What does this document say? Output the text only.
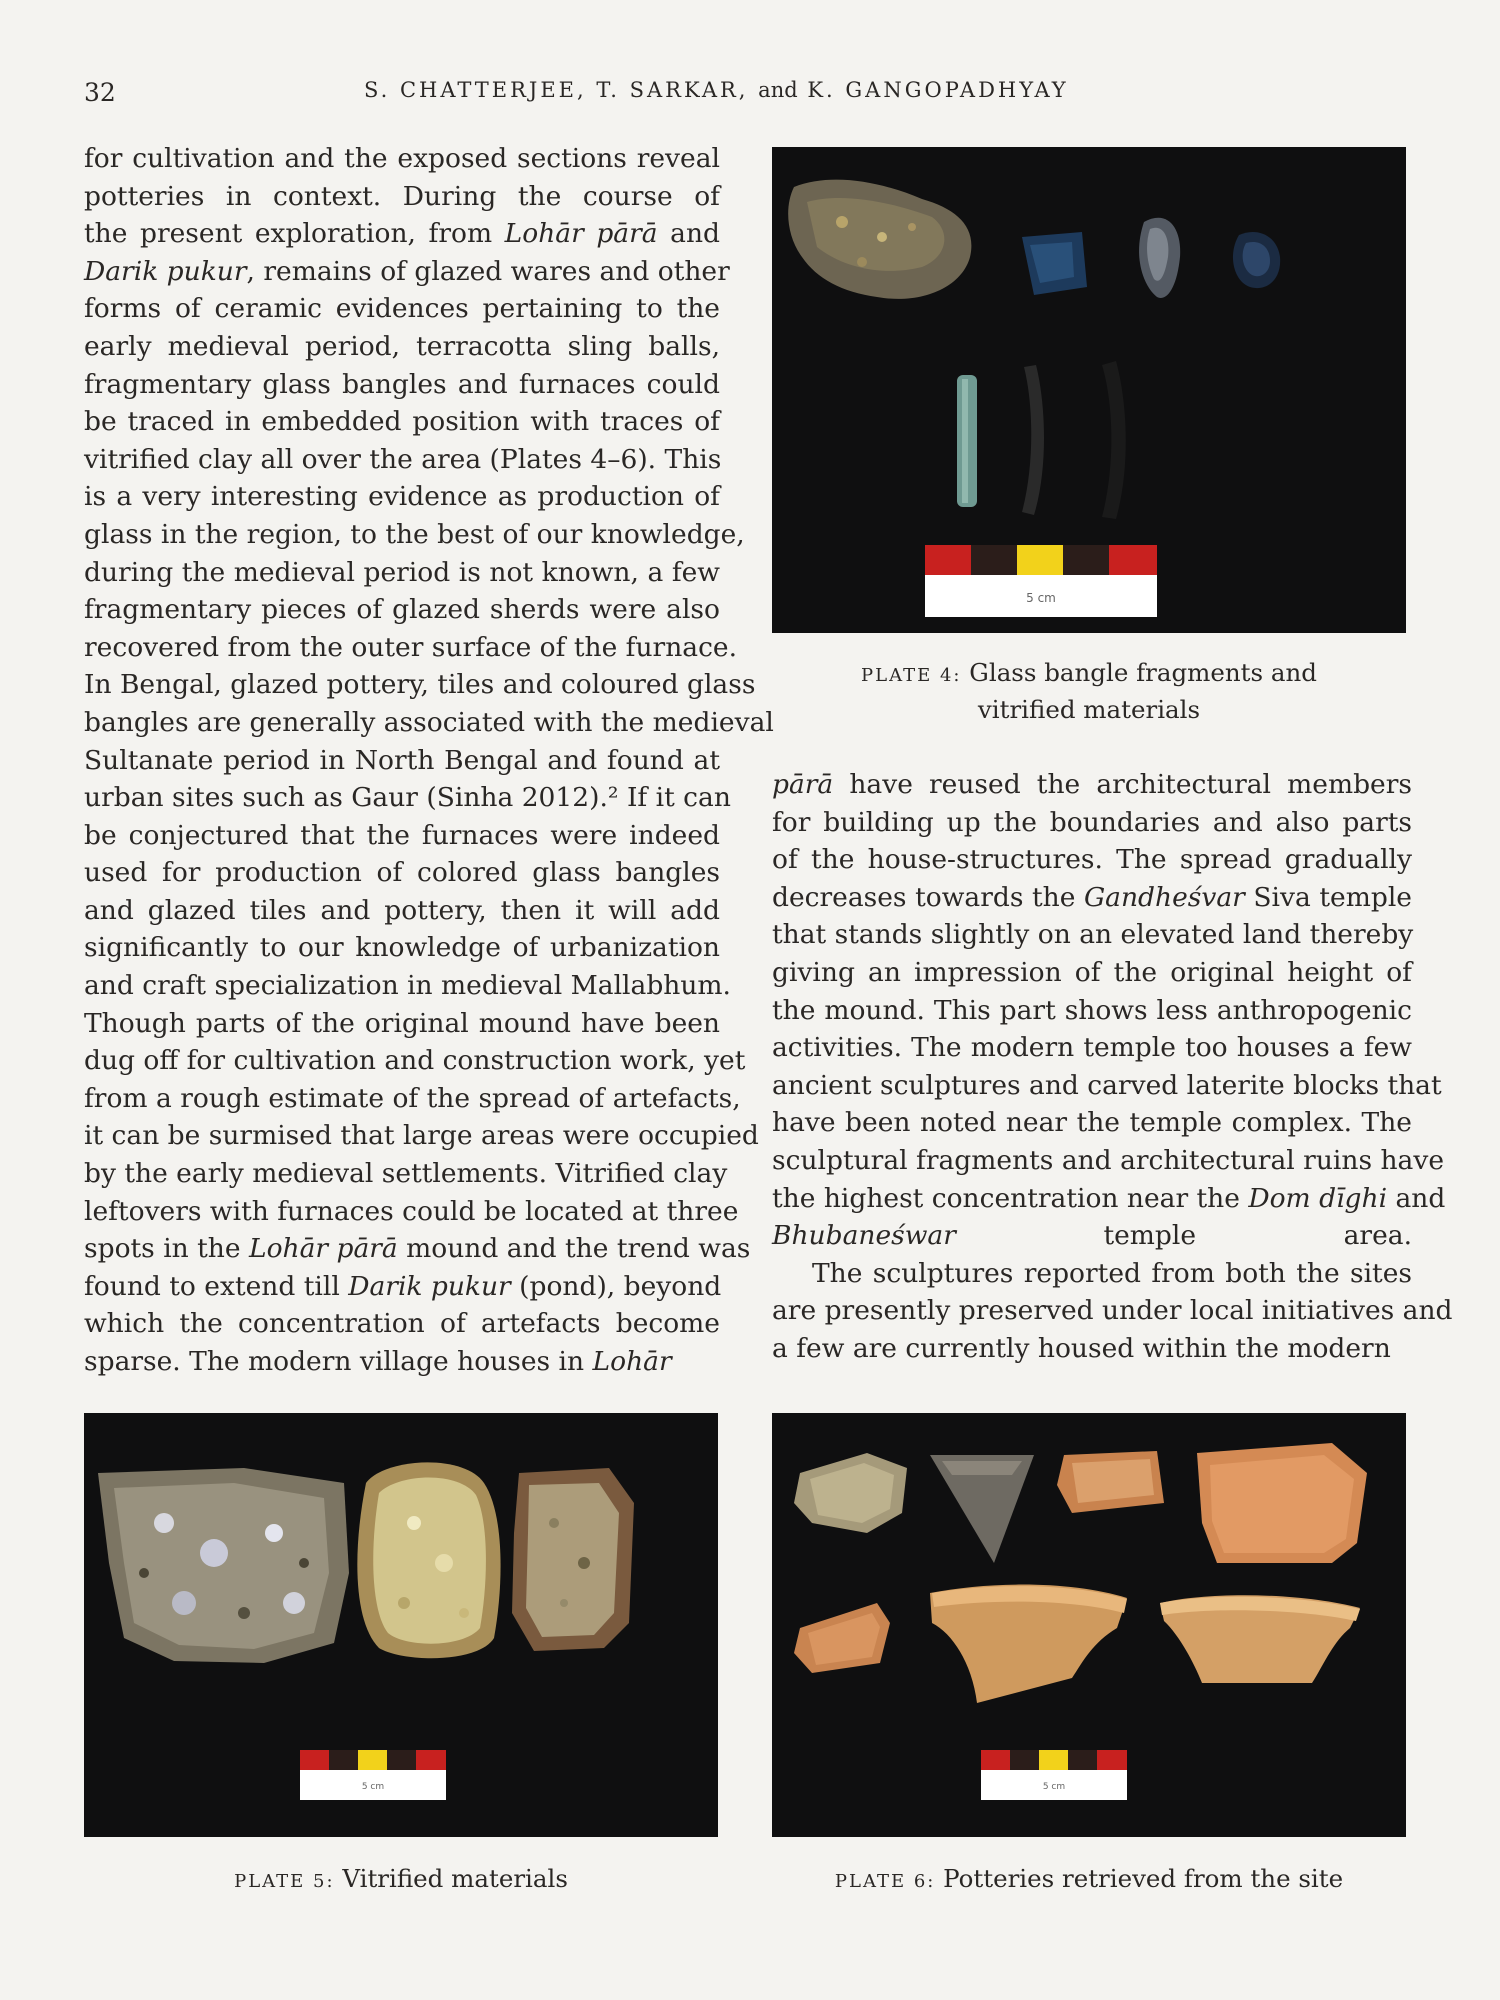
32	S. CHATTERJEE, T. SARKAR, and K. GANGOPADHYAY
for cultivation and the exposed sections reveal
potteries in context. During the course of
the present exploration, from Lohār pārā and
Darik pukur, remains of glazed wares and other
forms of ceramic evidences pertaining to the
early medieval period, terracotta sling balls,
fragmentary glass bangles and furnaces could
be traced in embedded position with traces of
vitrified clay all over the area (Plates 4–6). This
is a very interesting evidence as production of
glass in the region, to the best of our knowledge,
during the medieval period is not known, a few
fragmentary pieces of glazed sherds were also
recovered from the outer surface of the furnace.
In Bengal, glazed pottery, tiles and coloured glass
bangles are generally associated with the medieval
Sultanate period in North Bengal and found at
urban sites such as Gaur (Sinha 2012).² If it can
be conjectured that the furnaces were indeed
used for production of colored glass bangles
and glazed tiles and pottery, then it will add
significantly to our knowledge of urbanization
and craft specialization in medieval Mallabhum.
Though parts of the original mound have been
dug off for cultivation and construction work, yet
from a rough estimate of the spread of artefacts,
it can be surmised that large areas were occupied
by the early medieval settlements. Vitrified clay
leftovers with furnaces could be located at three
spots in the Lohār pārā mound and the trend was
found to extend till Darik pukur (pond), beyond
which the concentration of artefacts become
sparse. The modern village houses in Lohār
pārā have reused the architectural members
for building up the boundaries and also parts
of the house-structures. The spread gradually
decreases towards the Gandheśvar Siva temple
that stands slightly on an elevated land thereby
giving an impression of the original height of
the mound. This part shows less anthropogenic
activities. The modern temple too houses a few
ancient sculptures and carved laterite blocks that
have been noted near the temple complex. The
sculptural fragments and architectural ruins have
the highest concentration near the Dom dīghi and
Bhubaneśwar temple area.
The sculptures reported from both the sites
are presently preserved under local initiatives and
a few are currently housed within the modern
5 cm
PLATE 4: Glass bangle fragments and
vitrified materials
5 cm
PLATE 5: Vitrified materials
5 cm
PLATE 6: Potteries retrieved from the site
